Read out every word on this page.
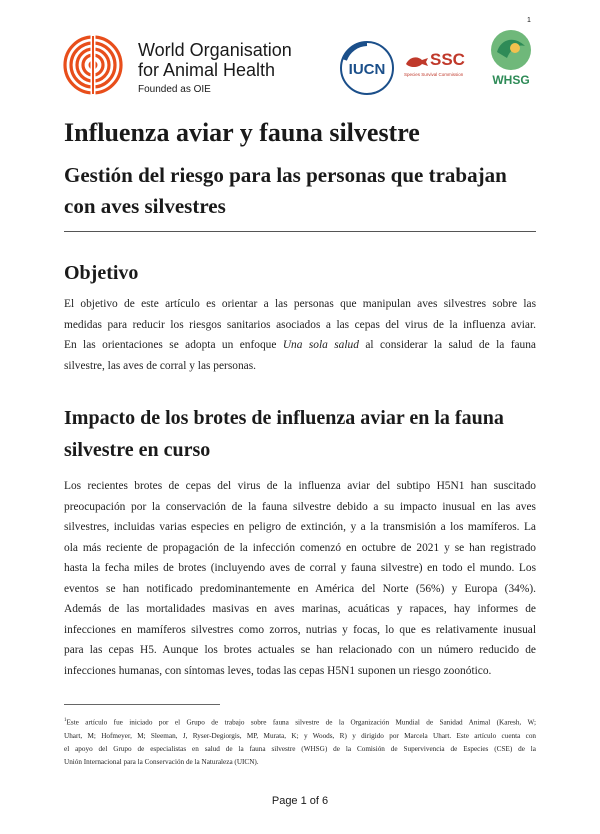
World Organisation
for Animal Health
Founded as OIE
IUCN
SSC
Species Survival Commission WHSG
1
Influenza aviar y fauna silvestre
Gestión del riesgo para las personas que trabajan con aves silvestres
Objetivo
El objetivo de este artículo es orientar a las personas que manipulan aves silvestres sobre las
medidas para reducir los riesgos sanitarios asociados a las cepas del virus de la influenza aviar.
En las orientaciones se adopta un enfoque Una sola salud al considerar la salud de la fauna
silvestre, las aves de corral y las personas.
Impacto de los brotes de influenza aviar en la fauna silvestre en curso
Los recientes brotes de cepas del virus de la influenza aviar del subtipo H5N1 han suscitado
preocupación por la conservación de la fauna silvestre debido a su impacto inusual en las aves
silvestres, incluidas varias especies en peligro de extinción, y a la transmisión a los mamíferos. La
ola más reciente de propagación de la infección comenzó en octubre de 2021 y se han registrado
hasta la fecha miles de brotes (incluyendo aves de corral y fauna silvestre) en todo el mundo. Los
eventos se han notificado predominantemente en América del Norte (56%) y Europa (34%).
Además de las mortalidades masivas en aves marinas, acuáticas y rapaces, hay informes de
infecciones en mamíferos silvestres como zorros, nutrias y focas, lo que es relativamente inusual
para las cepas H5. Aunque los brotes actuales se han relacionado con un número reducido de
infecciones humanas, con síntomas leves, todas las cepas H5N1 suponen un riesgo zoonótico.
$^1$Este artículo fue iniciado por el Grupo de trabajo sobre fauna silvestre de la Organización Mundial de Sanidad Animal (Karesh, W;
Uhart, M; Hofmeyer, M; Sleeman, J, Ryser-Degiorgis, MP, Murata, K; y Woods, R) y dirigido por Marcela Uhart. Este artículo cuenta con
el apoyo del Grupo de especialistas en salud de la fauna silvestre (WHSG) de la Comisión de Supervivencia de Especies (CSE) de la
Unión Internacional para la Conservación de la Naturaleza (UICN).
Page 1 of 6
